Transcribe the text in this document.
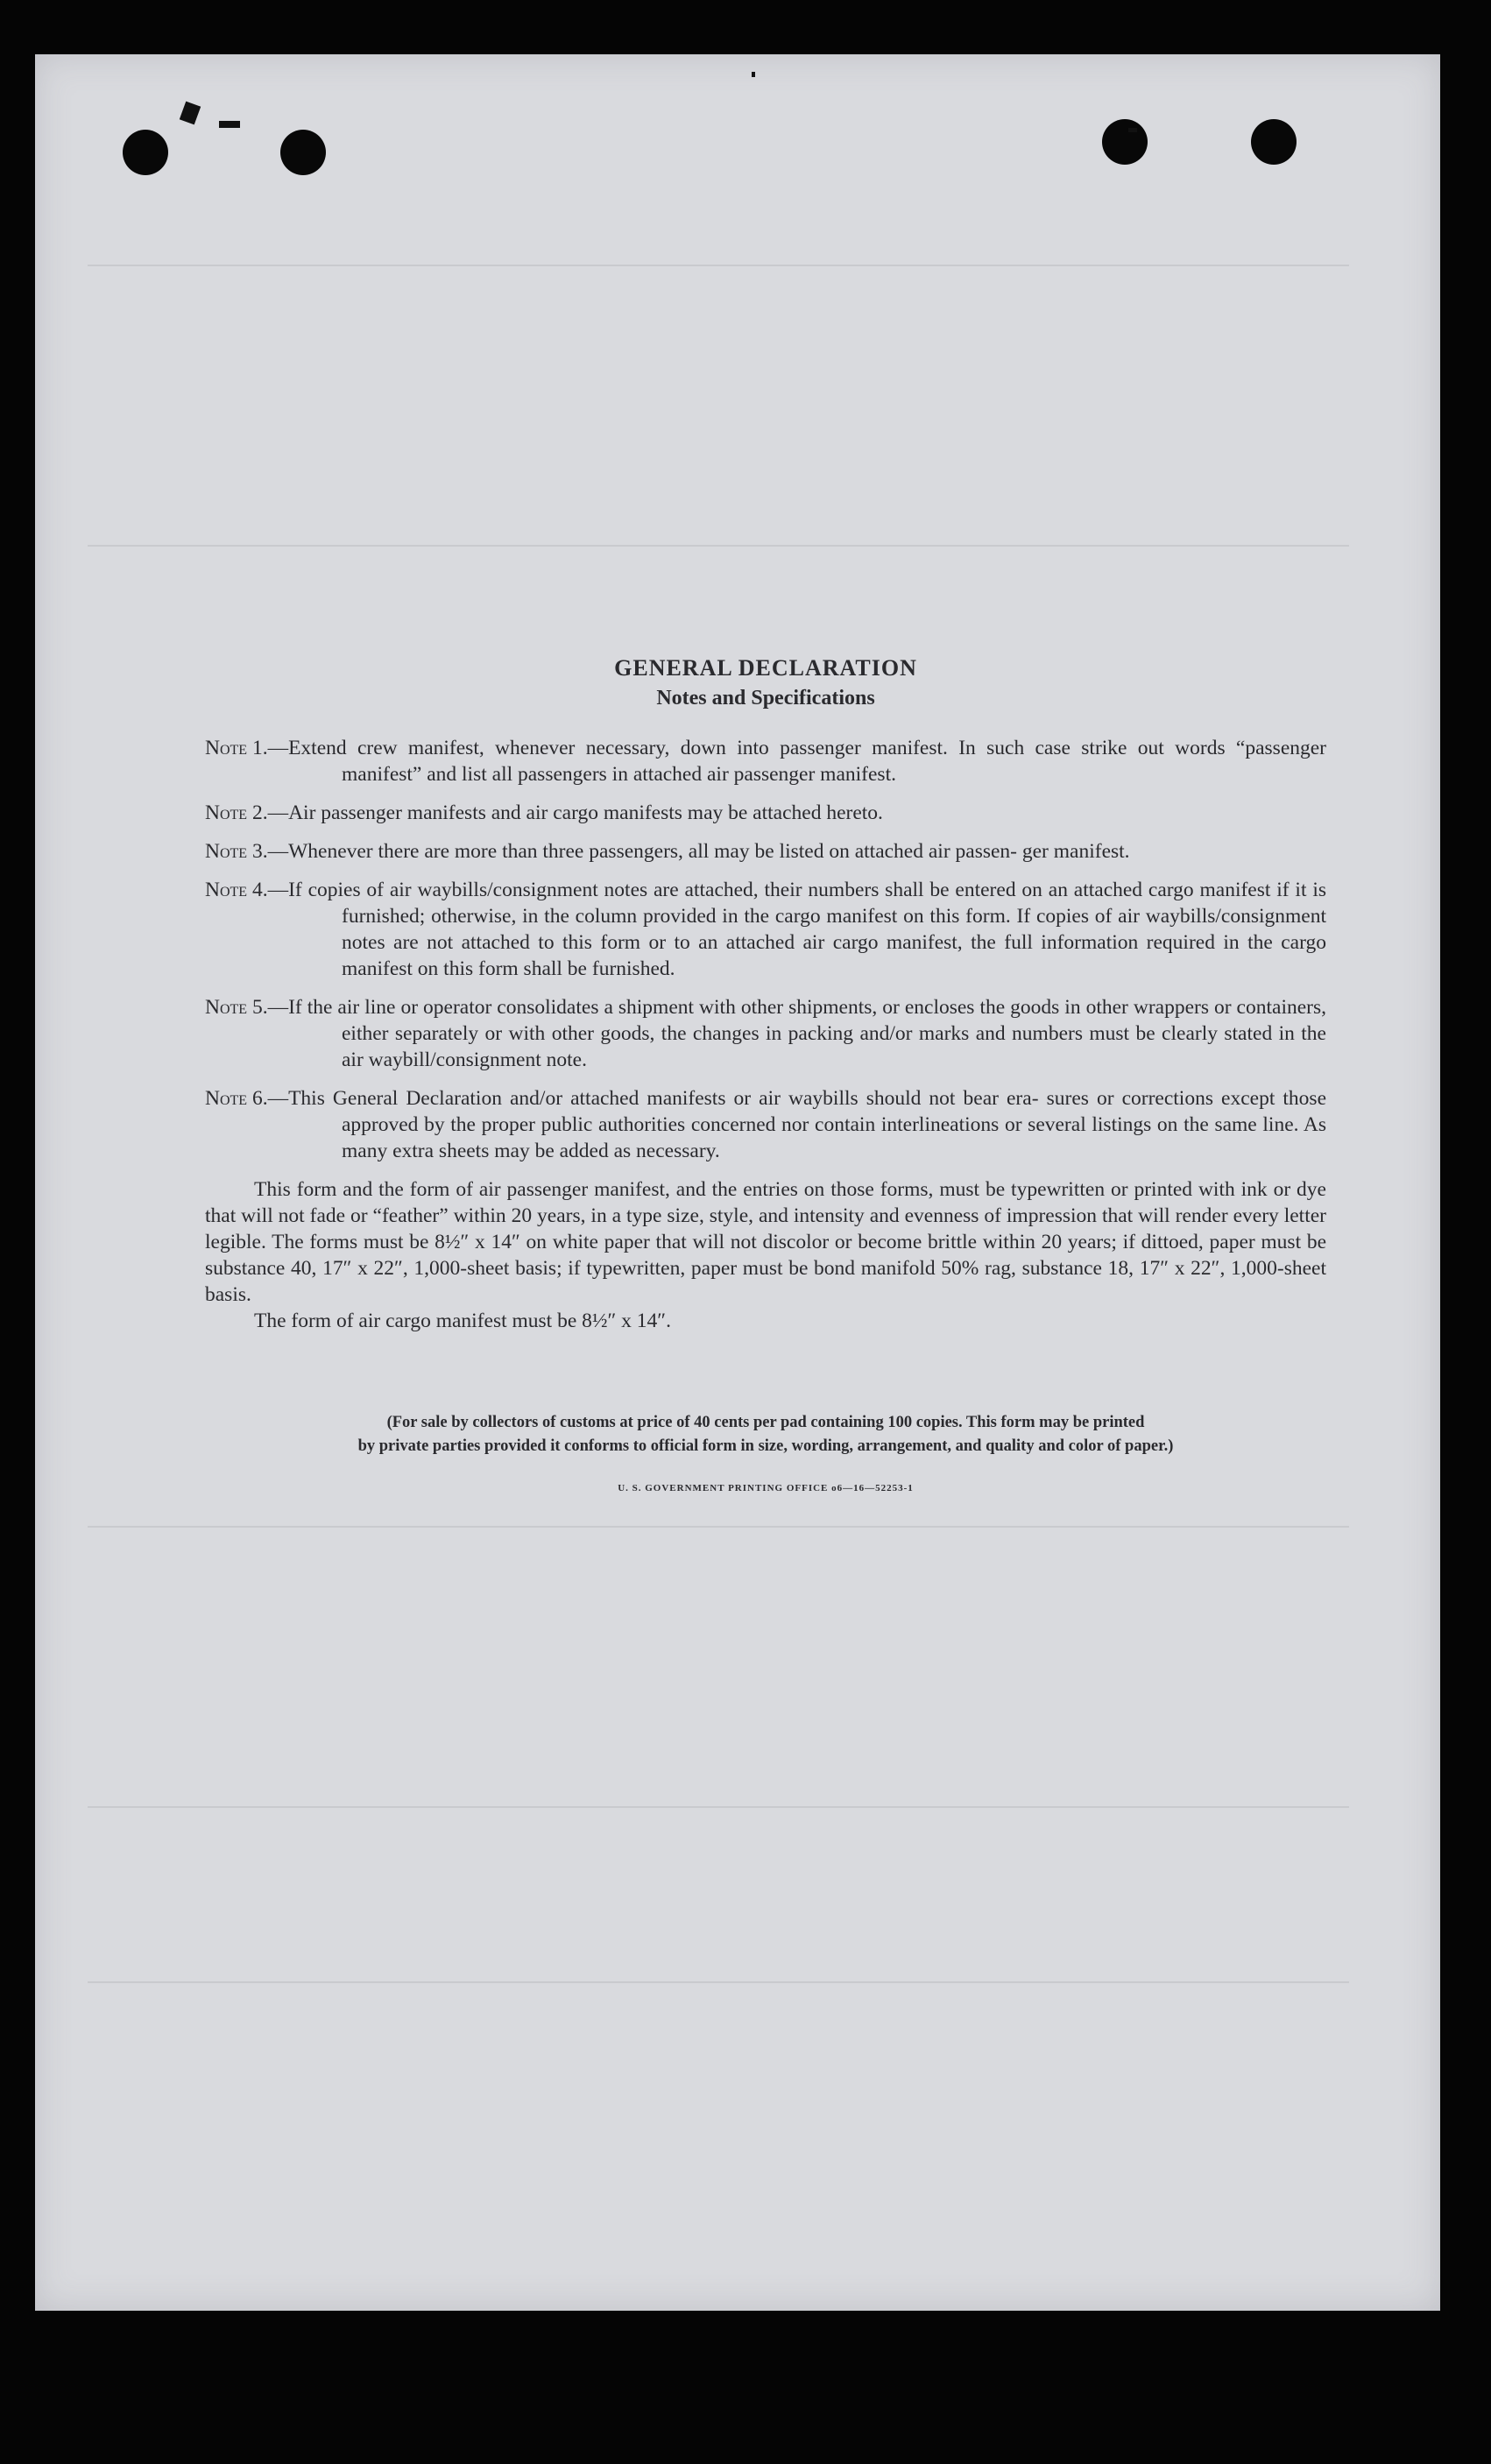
GENERAL DECLARATION
Notes and Specifications

Note 1. —Extend crew manifest, whenever necessary, down into passenger manifest. In such case strike out words “passenger manifest” and list all passengers in attached air passenger manifest.

Note 2. —Air passenger manifests and air cargo manifests may be attached hereto.

Note 3. —Whenever there are more than three passengers, all may be listed on attached air passen- ger manifest.

Note 4. —If copies of air waybills/consignment notes are attached, their numbers shall be entered on an attached cargo manifest if it is furnished; otherwise, in the column provided in the cargo manifest on this form. If copies of air waybills/consignment notes are not attached to this form or to an attached air cargo manifest, the full information required in the cargo manifest on this form shall be furnished.

Note 5. —If the air line or operator consolidates a shipment with other shipments, or encloses the goods in other wrappers or containers, either separately or with other goods, the changes in packing and/or marks and numbers must be clearly stated in the air waybill/consignment note.

Note 6. —This General Declaration and/or attached manifests or air waybills should not bear era- sures or corrections except those approved by the proper public authorities concerned nor contain interlineations or several listings on the same line. As many extra sheets may be added as necessary.

This form and the form of air passenger manifest, and the entries on those forms, must be typewritten or printed with ink or dye that will not fade or “feather” within 20 years, in a type size, style, and intensity and evenness of impression that will render every letter legible. The forms must be 8½″ x 14″ on white paper that will not discolor or become brittle within 20 years; if dittoed, paper must be substance 40, 17″ x 22″, 1,000-sheet basis; if typewritten, paper must be bond manifold 50% rag, substance 18, 17″ x 22″, 1,000-sheet basis.

The form of air cargo manifest must be 8½″ x 14″.

(For sale by collectors of customs at price of 40 cents per pad containing 100 copies. This form may be printed
by private parties provided it conforms to official form in size, wording, arrangement, and quality and color of paper.)
U. S. GOVERNMENT PRINTING OFFICE o6—16—52253-1
